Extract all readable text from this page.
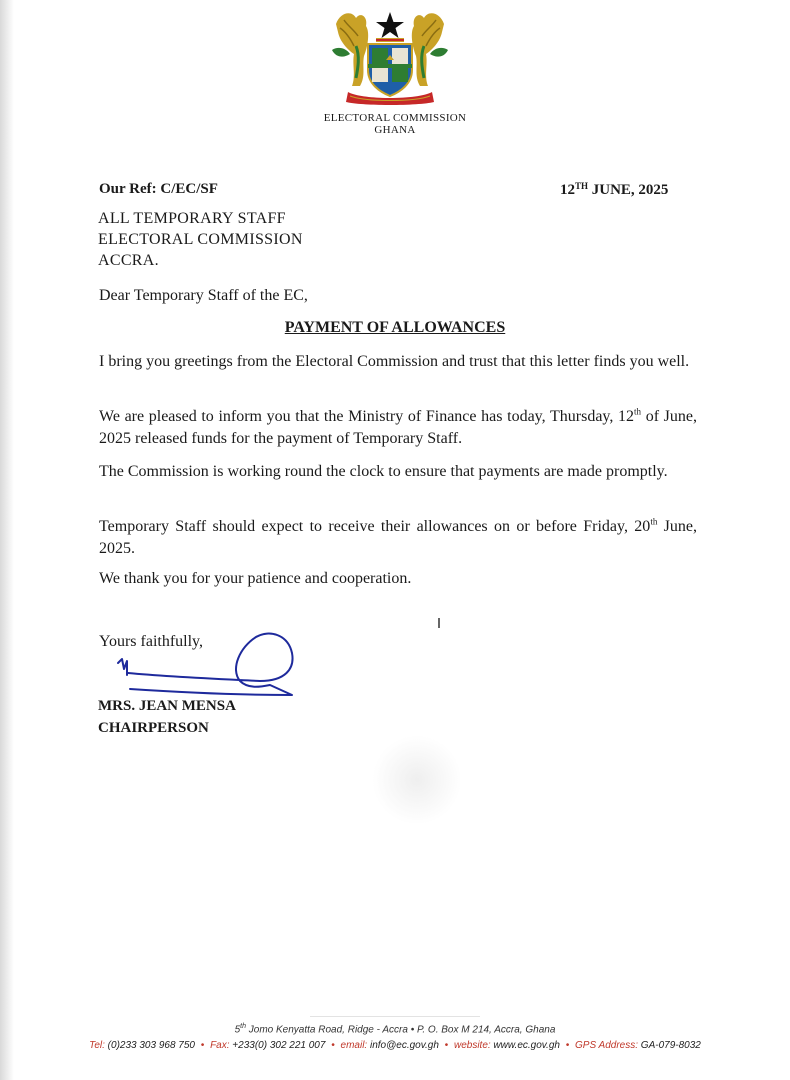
ELECTORAL COMMISSION
GHANA
Our Ref: C/EC/SF	12TH JUNE, 2025
ALL TEMPORARY STAFF
ELECTORAL COMMISSION
ACCRA.
Dear Temporary Staff of the EC,
PAYMENT OF ALLOWANCES
I bring you greetings from the Electoral Commission and trust that this letter finds you well.
We are pleased to inform you that the Ministry of Finance has today, Thursday, 12th of June, 2025 released funds for the payment of Temporary Staff.
The Commission is working round the clock to ensure that payments are made promptly.
Temporary Staff should expect to receive their allowances on or before Friday, 20th June, 2025.
We thank you for your patience and cooperation.
Yours faithfully,
MRS. JEAN MENSA
CHAIRPERSON
5th Jomo Kenyatta Road, Ridge - Accra • P. O. Box M 214, Accra, Ghana
Tel: (0)233 303 968 750 • Fax: +233(0) 302 221 007 • email: info@ec.gov.gh • website: www.ec.gov.gh • GPS Address: GA-079-8032
